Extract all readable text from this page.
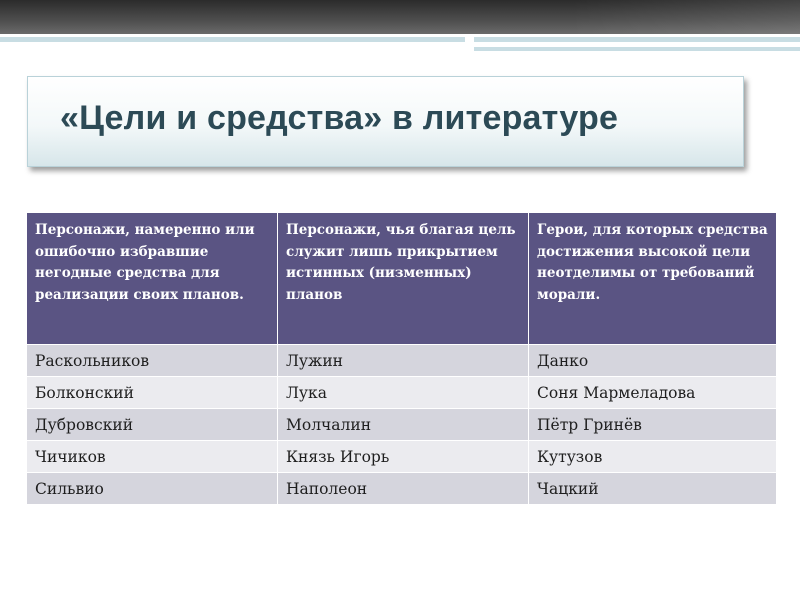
«Цели и средства» в литературе
Персонажи, намеренно или ошибочно избравшие негодные средства для реализации своих планов.	Персонажи, чья благая цель служит лишь прикрытием истинных (низменных) планов	Герои, для которых средства достижения высокой цели неотделимы от требований морали.
Раскольников	Лужин	Данко
Болконский	Лука	Соня Мармеладова
Дубровский	Молчалин	Пётр Гринёв
Чичиков	Князь Игорь	Кутузов
Сильвио	Наполеон	Чацкий
